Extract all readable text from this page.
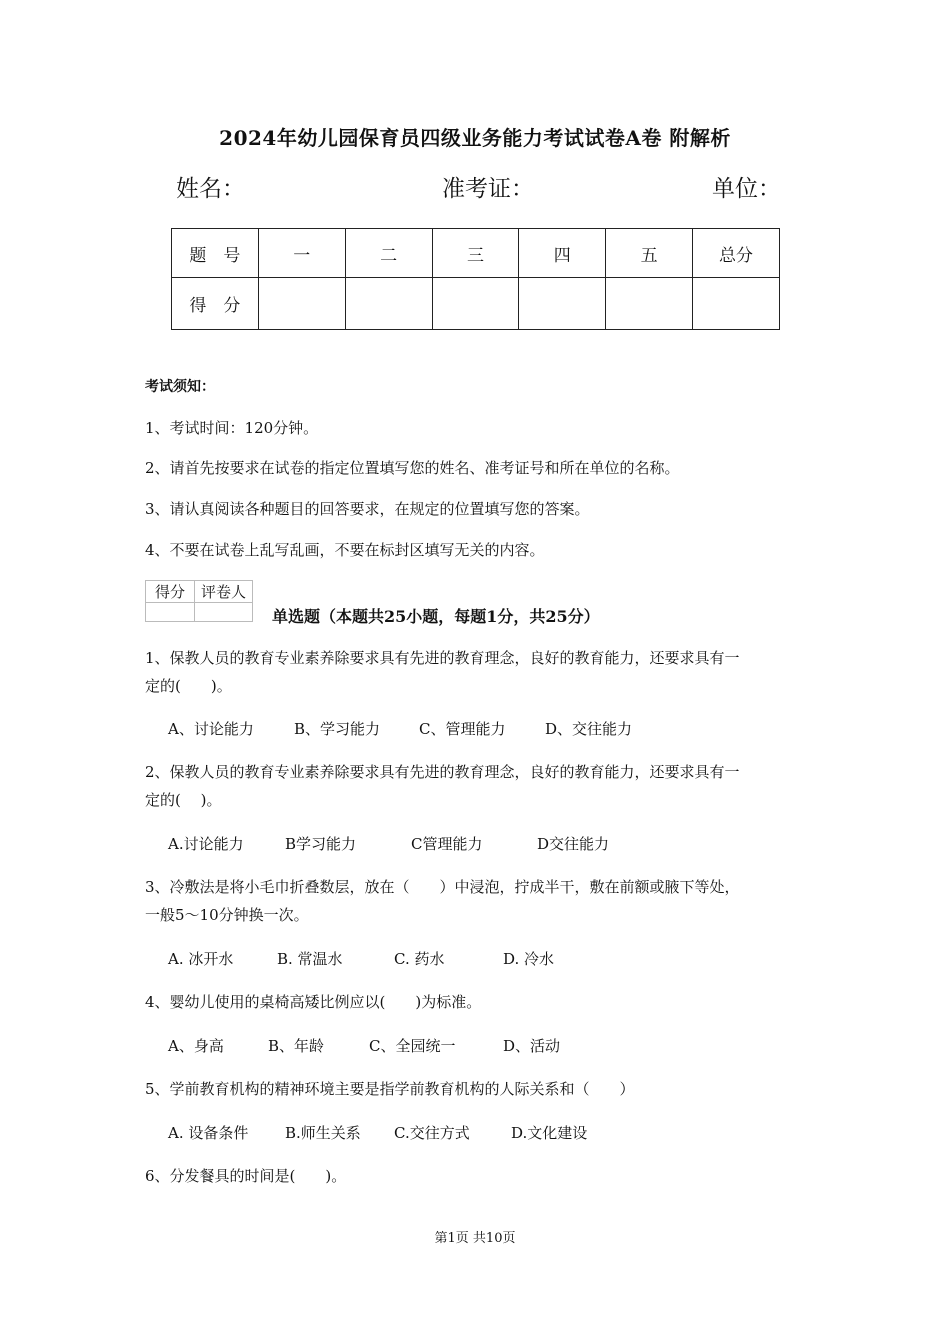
2024年幼儿园保育员四级业务能力考试试卷A卷 附解析
姓名：	准考证：	单位：
题　号	一	二	三	四	五	总分
得　分						
考试须知：
1、考试时间：120分钟。
2、请首先按要求在试卷的指定位置填写您的姓名、准考证号和所在单位的名称。
3、请认真阅读各种题目的回答要求，在规定的位置填写您的答案。
4、不要在试卷上乱写乱画，不要在标封区填写无关的内容。
得分	评卷人

单选题（本题共25小题，每题1分，共25分）
1、保教人员的教育专业素养除要求具有先进的教育理念，良好的教育能力，还要求具有一
定的(　　)。
A、讨论能力	B、学习能力	C、管理能力	D、交往能力
2、保教人员的教育专业素养除要求具有先进的教育理念，良好的教育能力，还要求具有一
定的(　 )。
A.讨论能力	B学习能力	C管理能力	D交往能力
3、冷敷法是将小毛巾折叠数层，放在（　　）中浸泡，拧成半干，敷在前额或腋下等处，
一般5～10分钟换一次。
A. 冰开水	B. 常温水	C. 药水	D. 冷水
4、婴幼儿使用的桌椅高矮比例应以(　　)为标准。
A、身高	B、年龄	C、全园统一	D、活动
5、学前教育机构的精神环境主要是指学前教育机构的人际关系和（　　）
A. 设备条件 B.师生关系 C.交往方式	D.文化建设
6、分发餐具的时间是(　　)。
第1页 共10页
